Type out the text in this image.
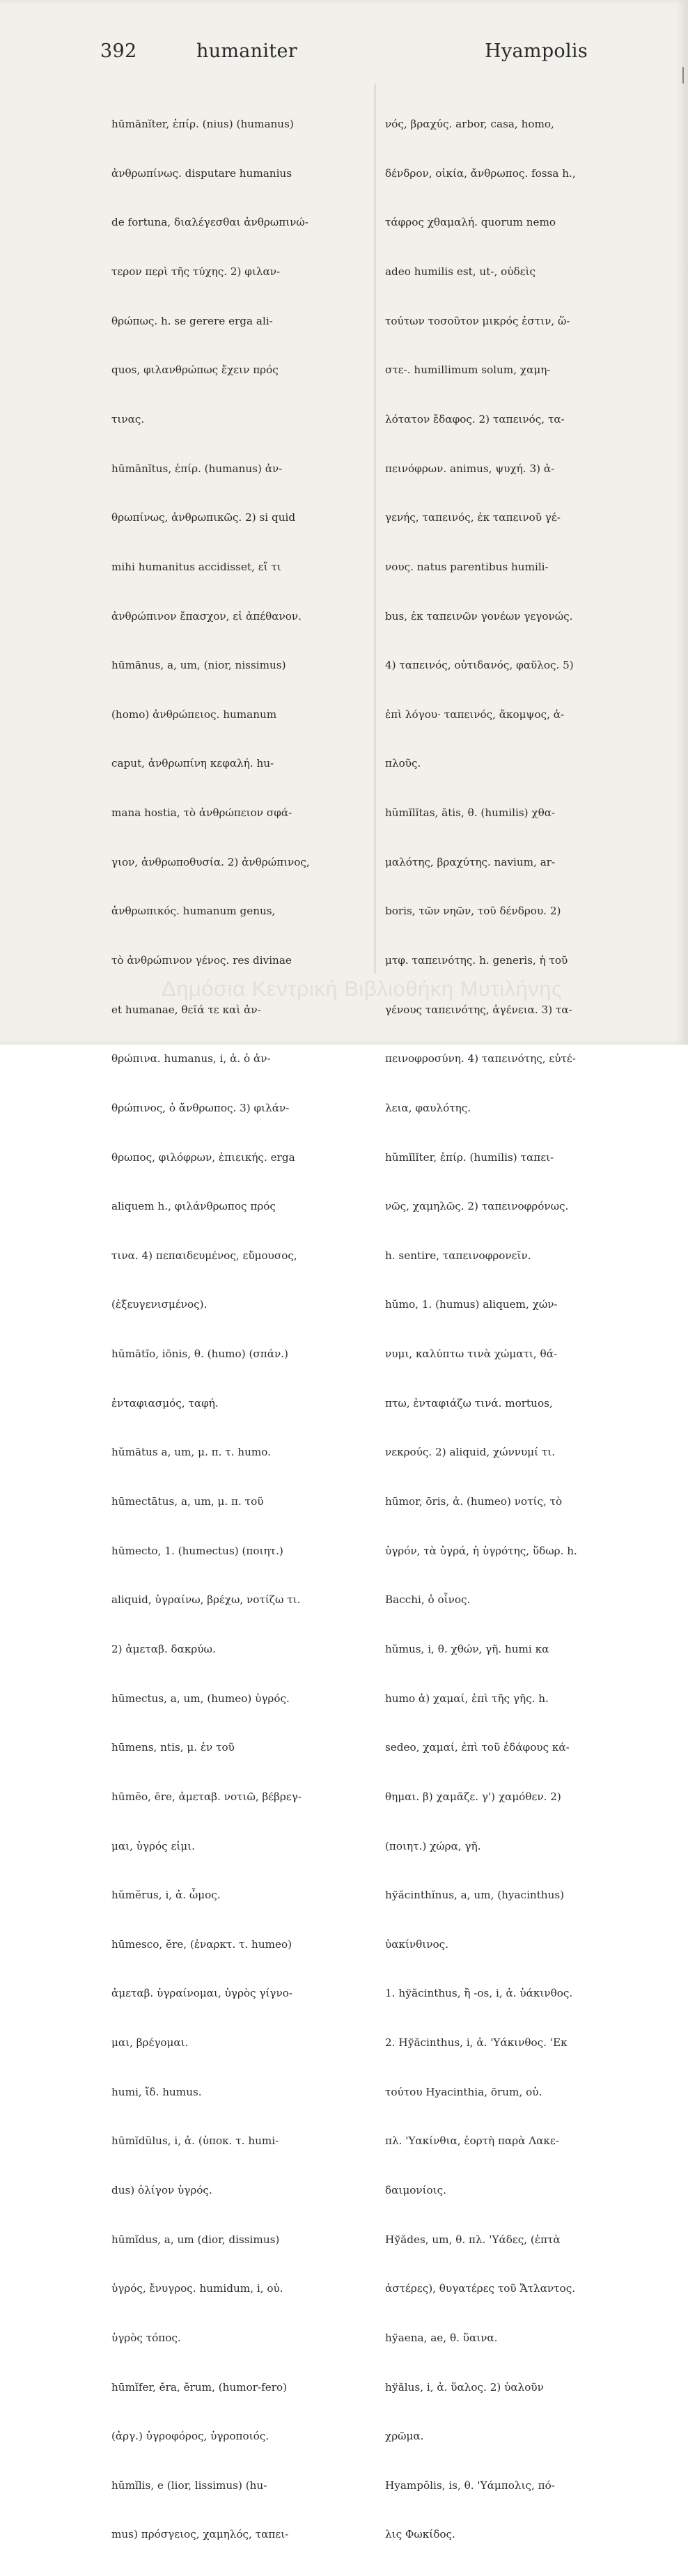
392	humaniter	Hyampolis

hūmānĭter, ἐπίρ. (nius) (humanus)

ἀνθρωπίνως. disputare humanius

de fortuna, διαλέγεσθαι ἀνθρωπινώ-

τερον περὶ τῆς τύχης. 2) φιλαν-

θρώπως. h. se gerere erga ali-

quos, φιλανθρώπως ἔχειν πρός

τινας.

hūmānĭtus, ἐπίρ. (humanus) ἀν-

θρωπίνως, ἀνθρωπικῶς. 2) si quid

mihi humanitus accidisset, εἴ τι

ἀνθρώπινον ἔπασχον, εἰ ἀπέθανον.

hūmānus, a, um, (nior, nissimus)

(homo) ἀνθρώπειος. humanum

caput, ἀνθρωπίνη κεφαλή. hu-

mana hostia, τὸ ἀνθρώπειον σφά-

γιον, ἀνθρωποθυσία. 2) ἀνθρώπινος,

ἀνθρωπικός. humanum genus,

τὸ ἀνθρώπινον γένος. res divinae

et humanae, θεῖά τε καὶ ἀν-

θρώπινα. humanus, i, ἀ. ὁ ἀν-

θρώπινος, ὁ ἄνθρωπος. 3) φιλάν-

θρωπος, φιλόφρων, ἐπιεικής. erga

aliquem h., φιλάνθρωπος πρός

τινα. 4) πεπαιδευμένος, εὔμουσος,

(ἐξευγενισμένος).

hŭmātĭo, iōnis, θ. (humo) (σπάν.)

ἐνταφιασμός, ταφή.

hŭmātus a, um, μ. π. τ. humo.

hūmectātus, a, um, μ. π. τοῦ

hūmecto, 1. (humectus) (ποιητ.)

aliquid, ὑγραίνω, βρέχω, νοτίζω τι.

2) ἀμεταβ. δακρύω.

hūmectus, a, um, (humeo) ὑγρός.

hūmens, ntis, μ. ἐν τοῦ

hūmĕo, ēre, ἀμεταβ. νοτιῶ, βέβρεγ-

μαι, ὑγρός εἰμι.

hŭmĕrus, i, ἀ. ὦμος.

hūmesco, ĕre, (ἐναρκτ. τ. humeo)

ἀμεταβ. ὑγραίνομαι, ὑγρὸς γίγνο-

μαι, βρέγομαι.

humi, ἴδ. humus.

hūmĭdŭlus, i, ἀ. (ὑποκ. τ. humi-

dus) ὀλίγον ὑγρός.

hūmĭdus, a, um (dior, dissimus)

ὑγρός, ἔνυγρος. humidum, i, οὐ.

ὑγρὸς τόπος.

hūmĭfer, ĕra, ĕrum, (humor-fero)

(ἀργ.) ὑγροφόρος, ὑγροποιός.

hŭmĭlis, e (lior, lissimus) (hu-

mus) πρόσγειος, χαμηλός, ταπει-

νός, βραχύς. arbor, casa, homo,

δένδρον, οἰκία, ἄνθρωπος. fossa h.,

τάφρος χθαμαλή. quorum nemo

adeo humilis est, ut-, οὐδεὶς

τούτων τοσοῦτον μικρός ἐστιν, ὥ-

στε-. humillimum solum, χαμη-

λότατον ἔδαφος. 2) ταπεινός, τα-

πεινόφρων. animus, ψυχή. 3) ἀ-

γενής, ταπεινός, ἐκ ταπεινοῦ γέ-

νους. natus parentibus humili-

bus, ἐκ ταπεινῶν γονέων γεγονώς.

4) ταπεινός, οὐτιδανός, φαῦλος. 5)

ἐπὶ λόγου· ταπεινός, ἄκομψος, ἁ-

πλοῦς.

hŭmĭlĭtas, ātis, θ. (humilis) χθα-

μαλότης, βραχύτης. navium, ar-

boris, τῶν νηῶν, τοῦ δένδρου. 2)

μτφ. ταπεινότης. h. generis, ἡ τοῦ

γένους ταπεινότης, ἀγένεια. 3) τα-

πεινοφροσύνη. 4) ταπεινότης, εὐτέ-

λεια, φαυλότης.

hŭmĭlĭter, ἐπίρ. (humilis) ταπει-

νῶς, χαμηλῶς. 2) ταπεινοφρόνως.

h. sentire, ταπεινοφρονεῖν.

hŭmo, 1. (humus) aliquem, χών-

νυμι, καλύπτω τινὰ χώματι, θά-

πτω, ἐνταφιάζω τινά. mortuos,

νεκρούς. 2) aliquid, χώννυμί τι.

hūmor, ōris, ἀ. (humeo) νοτίς, τὸ

ὑγρόν, τὰ ὑγρά, ἡ ὑγρότης, ὕδωρ. h.

Bacchi, ὁ οἶνος.

hŭmus, i, θ. χθών, γῆ. humi κα

humo ἁ) χαμαί, ἐπὶ τῆς γῆς. h.

sedeo, χαμαί, ἐπὶ τοῦ ἐδάφους κά-

θημαι. β) χαμᾶζε. γ') χαμόθεν. 2)

(ποιητ.) χώρα, γῆ.

hўăcinthĭnus, a, um, (hyacinthus)

ὑακίνθινος.

1. hўăcinthus, ἢ -os, i, ἀ. ὑάκινθος.

2. Hўăcinthus, i, ἀ. 'Υάκινθος. 'Εκ

τούτου Hyacinthia, ōrum, οὐ.

πλ. 'Υακίνθια, ἑορτὴ παρὰ Λακε-

δαιμονίοις.

Hўădes, um, θ. πλ. 'Υάδες, (ἑπτὰ

ἀστέρες), θυγατέρες τοῦ Ἄτλαντος.

hўaena, ae, θ. ὕαινα.

hўălus, i, ἀ. ὕαλος. 2) ὑαλοῦν

χρῶμα.

Hyampŏlis, is, θ. 'Υάμπολις, πό-

λις Φωκίδος.

Δημόσια Κεντρική Βιβλιοθήκη Μυτιλήνης
